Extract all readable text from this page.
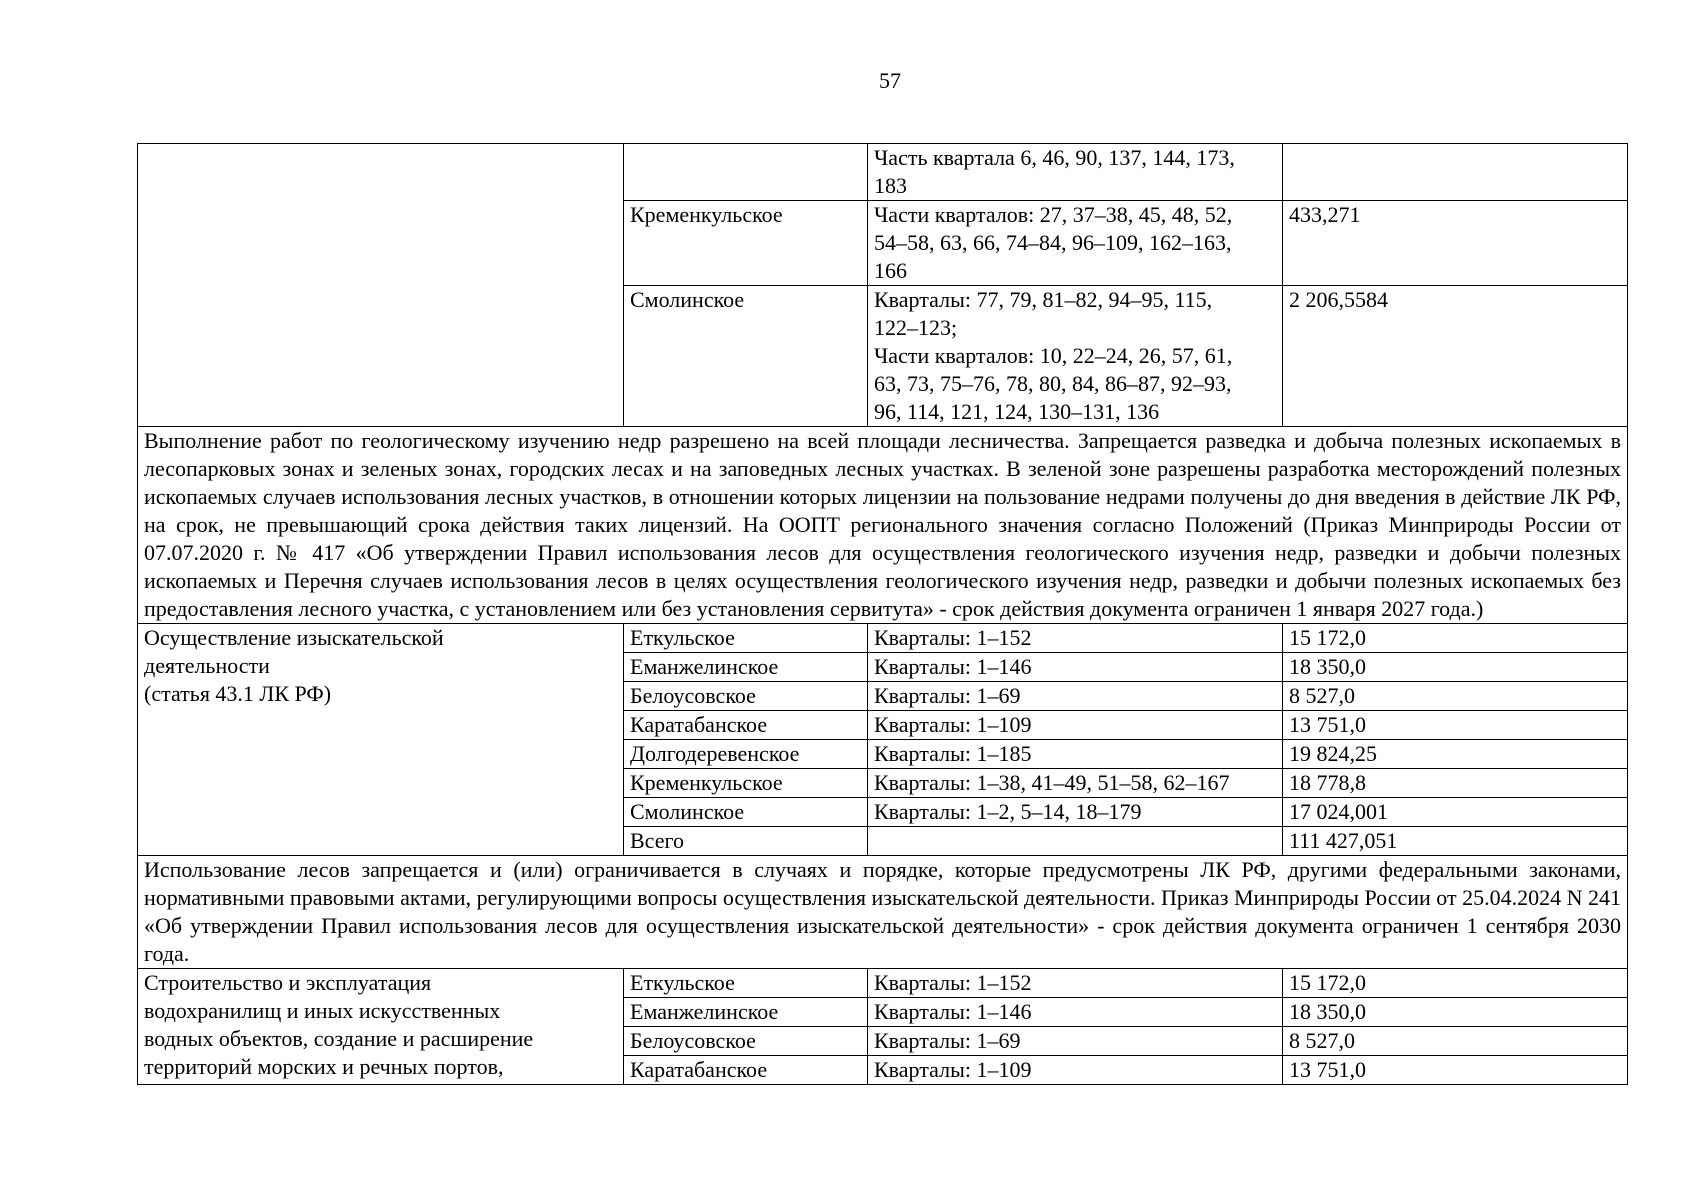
57

		Часть квартала 6, 46, 90, 137, 144, 173,
183	

	Кременкульское	Части кварталов: 27, 37–38, 45, 48, 52,
54–58, 63, 66, 74–84, 96–109, 162–163,
166	433,271
	Смолинское	Кварталы: 77, 79, 81–82, 94–95, 115,
122–123;
Части кварталов: 10, 22–24, 26, 57, 61,
63, 73, 75–76, 78, 80, 84, 86–87, 92–93,
96, 114, 121, 124, 130–131, 136	2 206,5584
Выполнение работ по геологическому изучению недр разрешено на всей площади лесничества. Запрещается разведка и добыча полезных ископаемых в лесопарковых зонах и зеленых зонах, городских лесах и на заповедных лесных участках. В зеленой зоне разрешены разработка месторождений полезных ископаемых случаев использования лесных участков, в отношении которых лицензии на пользование недрами получены до дня введения в действие ЛК РФ, на срок, не превышающий срока действия таких лицензий. На ООПТ регионального значения согласно Положений (Приказ Минприроды России от 07.07.2020 г. № 417 «Об утверждении Правил использования лесов для осуществления геологического изучения недр, разведки и добычи полезных ископаемых и Перечня случаев использования лесов в целях осуществления геологического изучения недр, разведки и добычи полезных ископаемых без предоставления лесного участка, с установлением или без установления сервитута» - срок действия документа ограничен 1 января 2027 года.)			

Осуществление изыскательской
деятельности
(статья 43.1 ЛК РФ)	Еткульское	Кварталы: 1–152	15 172,0
	Еманжелинское	Кварталы: 1–146	18 350,0
	Белоусовское	Кварталы: 1–69	8 527,0
	Каратабанское	Кварталы: 1–109	13 751,0
	Долгодеревенское	Кварталы: 1–185	19 824,25
	Кременкульское	Кварталы: 1–38, 41–49, 51–58, 62–167	18 778,8
	Смолинское	Кварталы: 1–2, 5–14, 18–179	17 024,001
	Всего		111 427,051
Использование лесов запрещается и (или) ограничивается в случаях и порядке, которые предусмотрены ЛК РФ, другими федеральными законами, нормативными правовыми актами, регулирующими вопросы осуществления изыскательской деятельности. Приказ Минприроды России от 25.04.2024 N 241 «Об утверждении Правил использования лесов для осуществления изыскательской деятельности» - срок действия документа ограничен 1 сентября 2030 года.			

Строительство и эксплуатация
водохранилищ и иных искусственных
водных объектов, создание и расширение
территорий морских и речных портов,	Еткульское	Кварталы: 1–152	15 172,0
	Еманжелинское	Кварталы: 1–146	18 350,0
	Белоусовское	Кварталы: 1–69	8 527,0
	Каратабанское	Кварталы: 1–109	13 751,0
